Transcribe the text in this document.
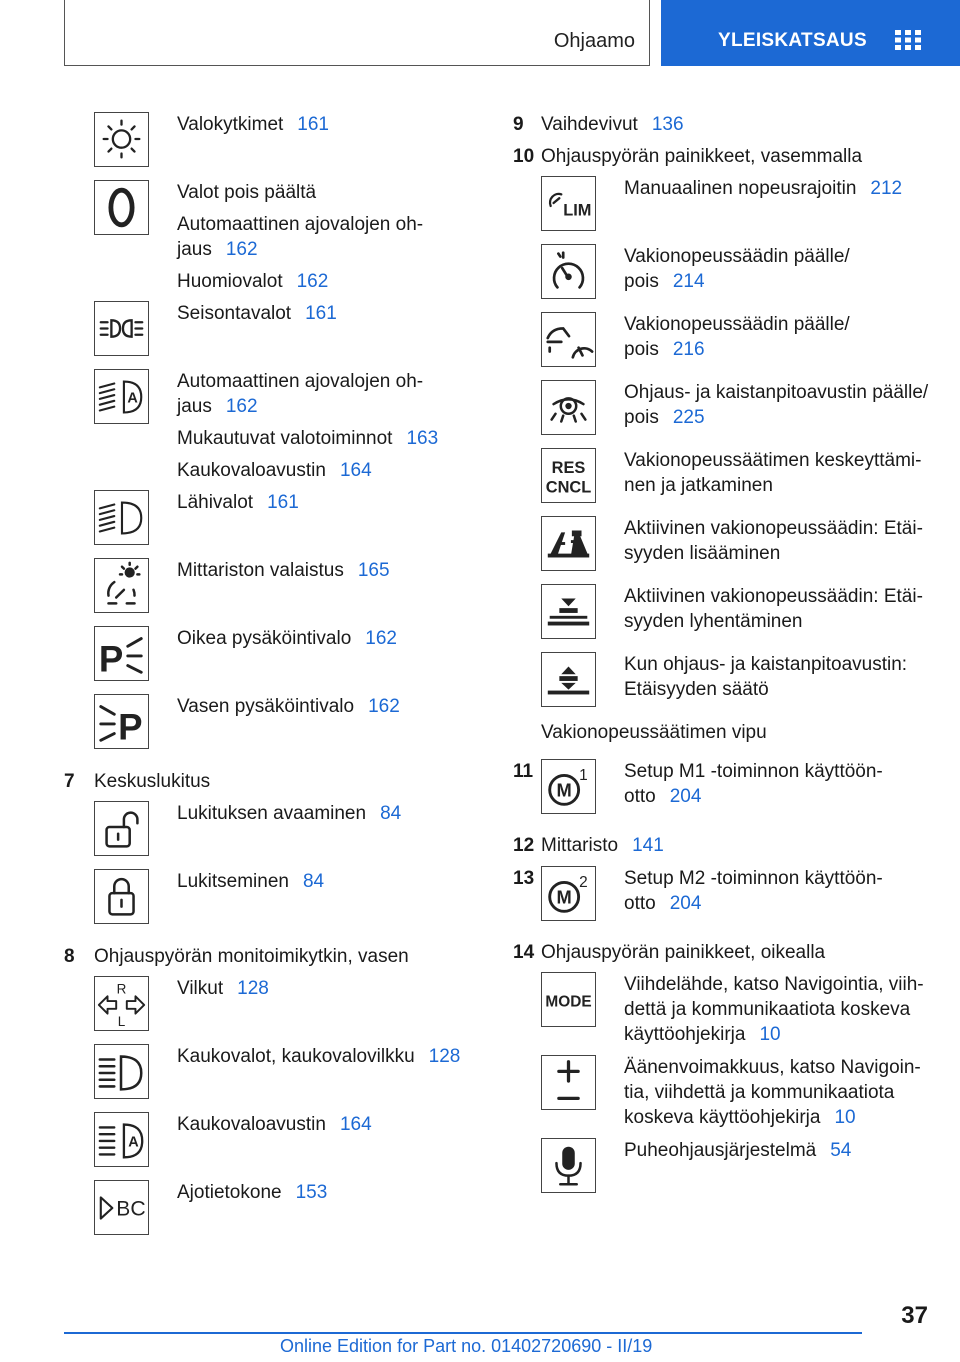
Ohjaamo	YLEISKATSAUS
A
P
P
Valokytkimet 161
Valot pois päältä
Automaattinen ajovalojen oh-
jaus 162
Huomiovalot 162
Seisontavalot 161
Automaattinen ajovalojen oh-
jaus 162
Mukautuvat valotoiminnot 163
Kaukovaloavustin 164
Lähivalot 161
Mittariston valaistus 165
Oikea pysäköintivalo 162
Vasen pysäköintivalo 162
7 Keskuslukitus
Lukituksen avaaminen 84
Lukitseminen 84
8 Ohjauspyörän monitoimikytkin, vasen
R
L
Vilkut 128
Kaukovalot, kaukovalovilkku 128
A
Kaukovaloavustin 164
BC
Ajotietokone 153
9 Vaihdevivut 136
10 Ohjauspyörän painikkeet, vasemmalla
LIM
Manuaalinen nopeusrajoitin 212
Vakionopeussäädin päälle/
pois 214
Vakionopeussäädin päälle/
pois 216
Ohjaus- ja kaistanpitoavustin päälle/
pois 225
RES
CNCL
Vakionopeussäätimen keskeyttämi-
nen ja jatkaminen
Aktiivinen vakionopeussäädin: Etäi-
syyden lisääminen
Aktiivinen vakionopeussäädin: Etäi-
syyden lyhentäminen
Kun ohjaus- ja kaistanpitoavustin:
Etäisyyden säätö
Vakionopeussäätimen vipu
11
M
1 Setup M1 -toiminnon käyttöön-
otto 204
12 Mittaristo 141
13
M
2 Setup M2 -toiminnon käyttöön-
otto 204
14 Ohjauspyörän painikkeet, oikealla
MODE
Viihdelähde, katso Navigointia, viih-
dettä ja kommunikaatiota koskeva
käyttöohjekirja 10
Äänenvoimakkuus, katso Navigoin-
tia, viihdettä ja kommunikaatiota
koskeva käyttöohjekirja 10
Puheohjausjärjestelmä 54
37
Online Edition for Part no. 01402720690 - II/19
